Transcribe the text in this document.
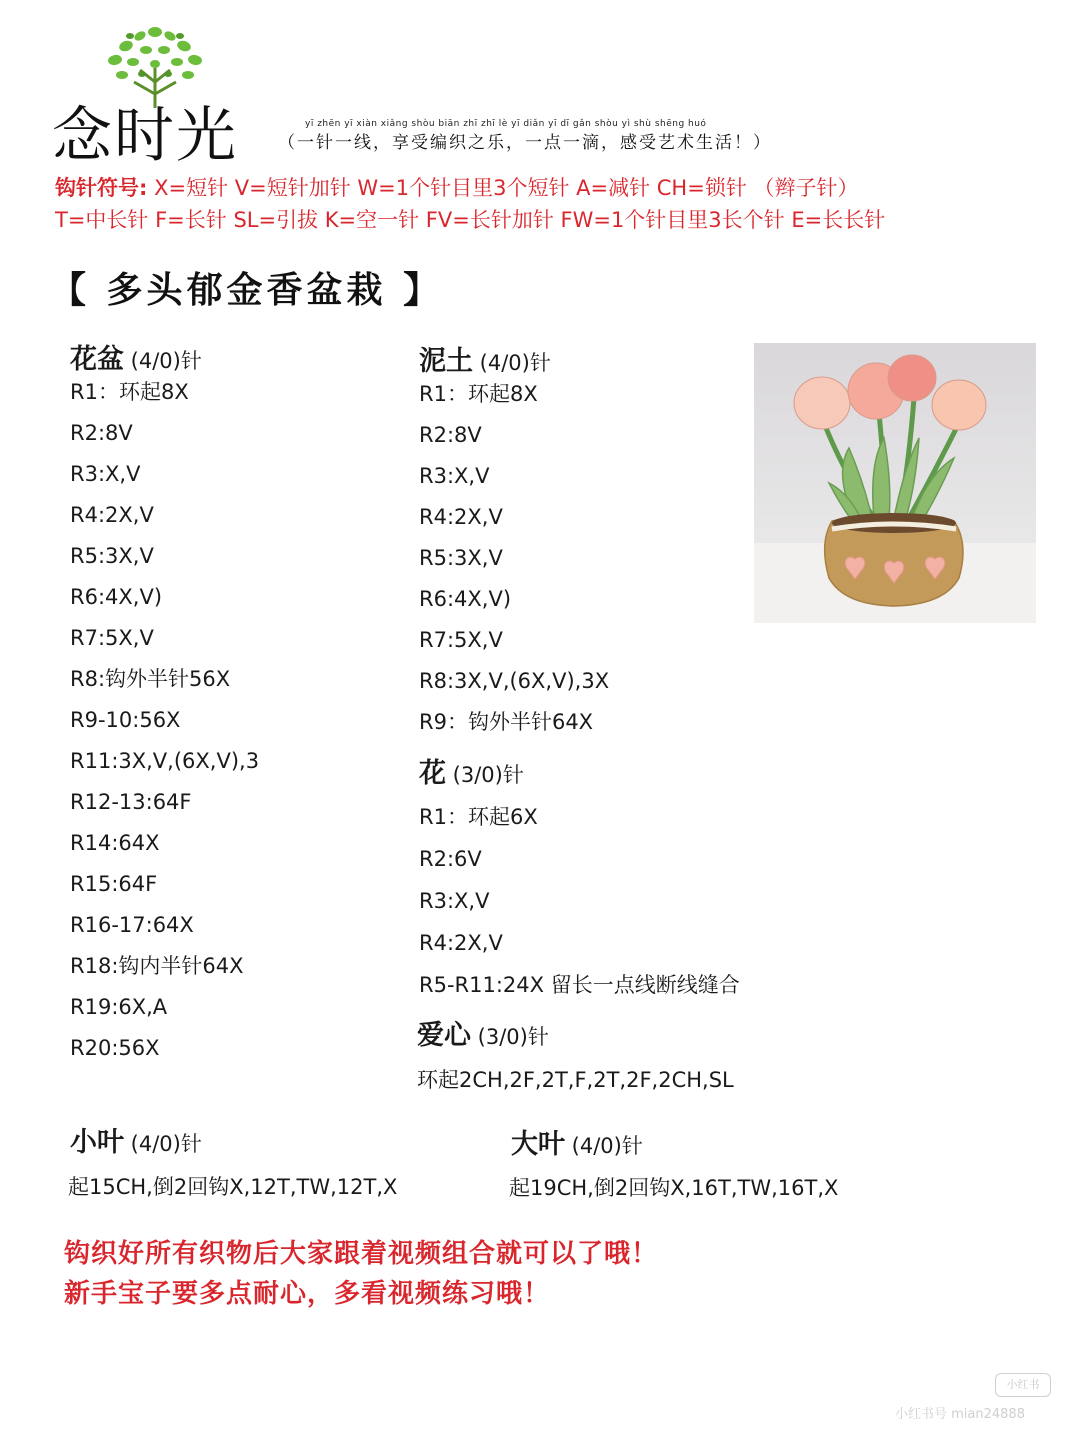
念时光	yī zhēn yī xiàn xiǎng shòu biān zhī zhī lè yī diǎn yī dī gǎn shòu yì shù shēng huó
（一针一线，享受编织之乐，一点一滴，感受艺术生活！）
钩针符号: X=短针 V=短针加针 W=1个针目里3个短针 A=减针 CH=锁针 （辫子针）
T=中长针 F=长针 SL=引拔 K=空一针 FV=长针加针 FW=1个针目里3长个针 E=长长针
【 多头郁金香盆栽 】
花盆 (4/0)针
R1：环起8X
R2:8V
R3:X,V
R4:2X,V
R5:3X,V
R6:4X,V)
R7:5X,V
R8:钩外半针56X
R9-10:56X
R11:3X,V,(6X,V),3
R12-13:64F
R14:64X
R15:64F
R16-17:64X
R18:钩内半针64X
R19:6X,A
R20:56X
泥土 (4/0)针
R1：环起8X
R2:8V
R3:X,V
R4:2X,V
R5:3X,V
R6:4X,V)
R7:5X,V
R8:3X,V,(6X,V),3X
R9：钩外半针64X
花 (3/0)针
R1：环起6X
R2:6V
R3:X,V
R4:2X,V
R5-R11:24X 留长一点线断线缝合
爱心 (3/0)针
环起2CH,2F,2T,F,2T,2F,2CH,SL
小叶 (4/0)针
起15CH,倒2回钩X,12T,TW,12T,X
大叶 (4/0)针
起19CH,倒2回钩X,16T,TW,16T,X
钩织好所有织物后大家跟着视频组合就可以了哦！
新手宝子要多点耐心，多看视频练习哦！
小红书
小红书号 mian24888
